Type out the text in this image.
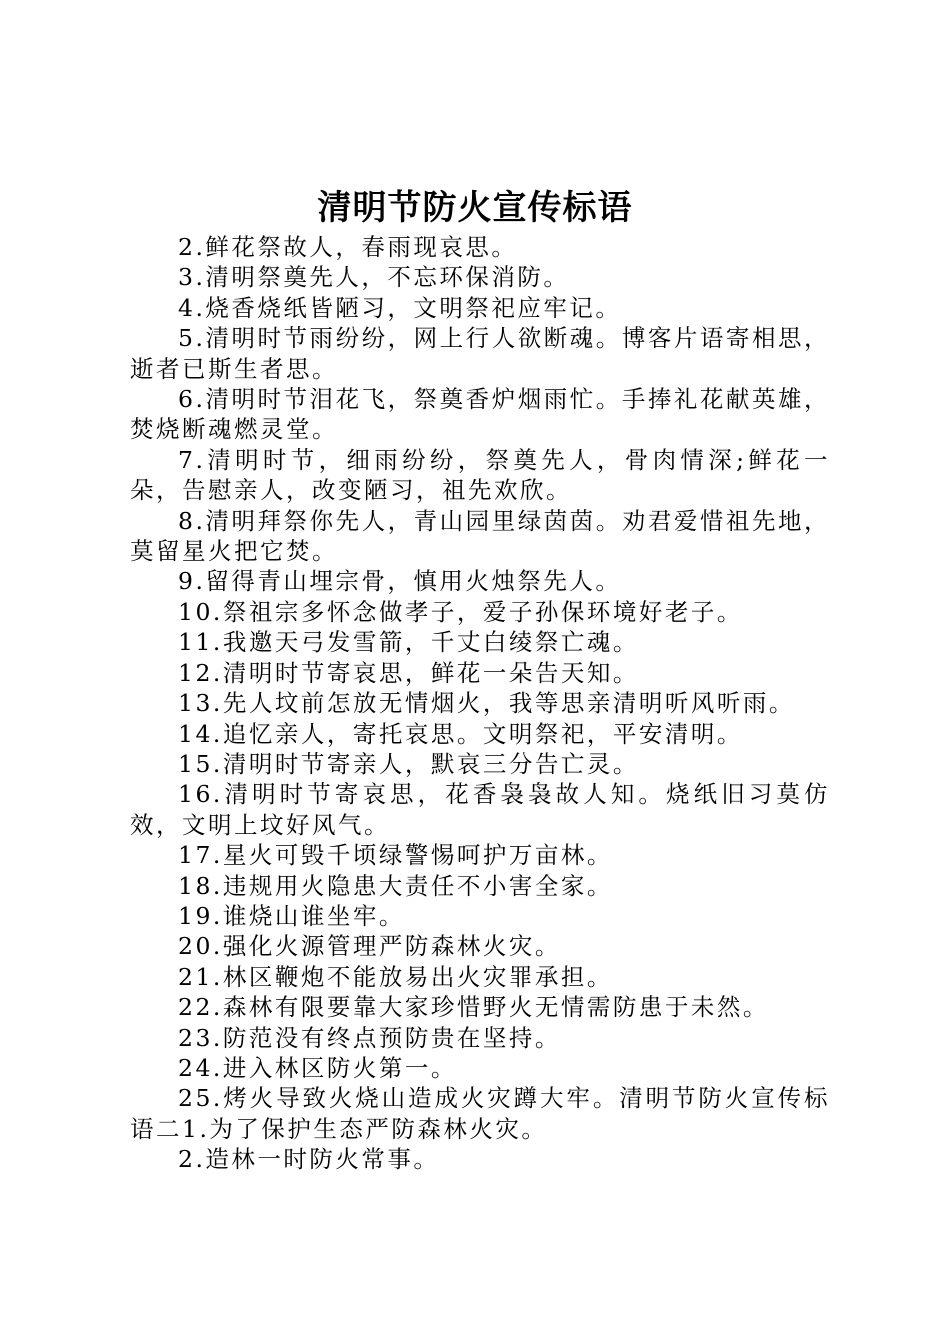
清明节防火宣传标语

2.鲜花祭故人，春雨现哀思。

3.清明祭奠先人，不忘环保消防。

4.烧香烧纸皆陋习，文明祭祀应牢记。

5.清明时节雨纷纷，网上行人欲断魂。博客片语寄相思，逝者已斯生者思。

6.清明时节泪花飞，祭奠香炉烟雨忙。手捧礼花献英雄，焚烧断魂燃灵堂。

7.清明时节，细雨纷纷，祭奠先人，骨肉情深;鲜花一朵，告慰亲人，改变陋习，祖先欢欣。

8.清明拜祭你先人，青山园里绿茵茵。劝君爱惜祖先地，莫留星火把它焚。

9.留得青山埋宗骨，慎用火烛祭先人。

10.祭祖宗多怀念做孝子，爱子孙保环境好老子。

11.我邀天弓发雪箭，千丈白绫祭亡魂。

12.清明时节寄哀思，鲜花一朵告天知。

13.先人坟前怎放无情烟火，我等思亲清明听风听雨。

14.追忆亲人，寄托哀思。文明祭祀，平安清明。

15.清明时节寄亲人，默哀三分告亡灵。

16.清明时节寄哀思，花香袅袅故人知。烧纸旧习莫仿效，文明上坟好风气。

17.星火可毁千顷绿警惕呵护万亩林。

18.违规用火隐患大责任不小害全家。

19.谁烧山谁坐牢。

20.强化火源管理严防森林火灾。

21.林区鞭炮不能放易出火灾罪承担。

22.森林有限要靠大家珍惜野火无情需防患于未然。

23.防范没有终点预防贵在坚持。

24.进入林区防火第一。

25.烤火导致火烧山造成火灾蹲大牢。清明节防火宣传标语二1.为了保护生态严防森林火灾。

2.造林一时防火常事。
